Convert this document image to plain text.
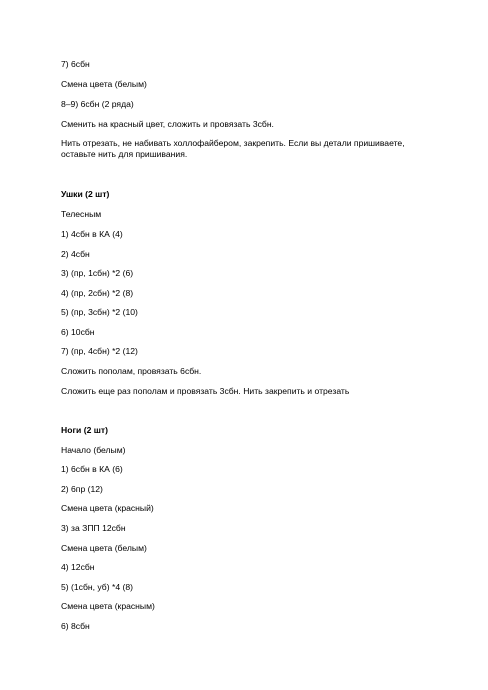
7) 6сбн
Смена цвета (белым)
8–9) 6сбн (2 ряда)
Сменить на красный цвет, сложить и провязать 3сбн.
Нить отрезать, не набивать холлофайбером, закрепить. Если вы детали пришиваете, оставьте нить для пришивания.
Ушки (2 шт)
Телесным
1) 4сбн в КА (4)
2) 4сбн
3) (пр, 1сбн) *2 (6)
4) (пр, 2сбн) *2 (8)
5) (пр, 3сбн) *2 (10)
6) 10сбн
7) (пр, 4сбн) *2 (12)
Сложить пополам, провязать 6сбн.
Сложить еще раз пополам и провязать 3сбн. Нить закрепить и отрезать
Ноги (2 шт)
Начало (белым)
1) 6сбн в КА (6)
2) 6пр (12)
Смена цвета (красный)
3) за ЗПП 12сбн
Смена цвета (белым)
4) 12сбн
5) (1сбн, уб) *4 (8)
Смена цвета (красным)
6) 8сбн
